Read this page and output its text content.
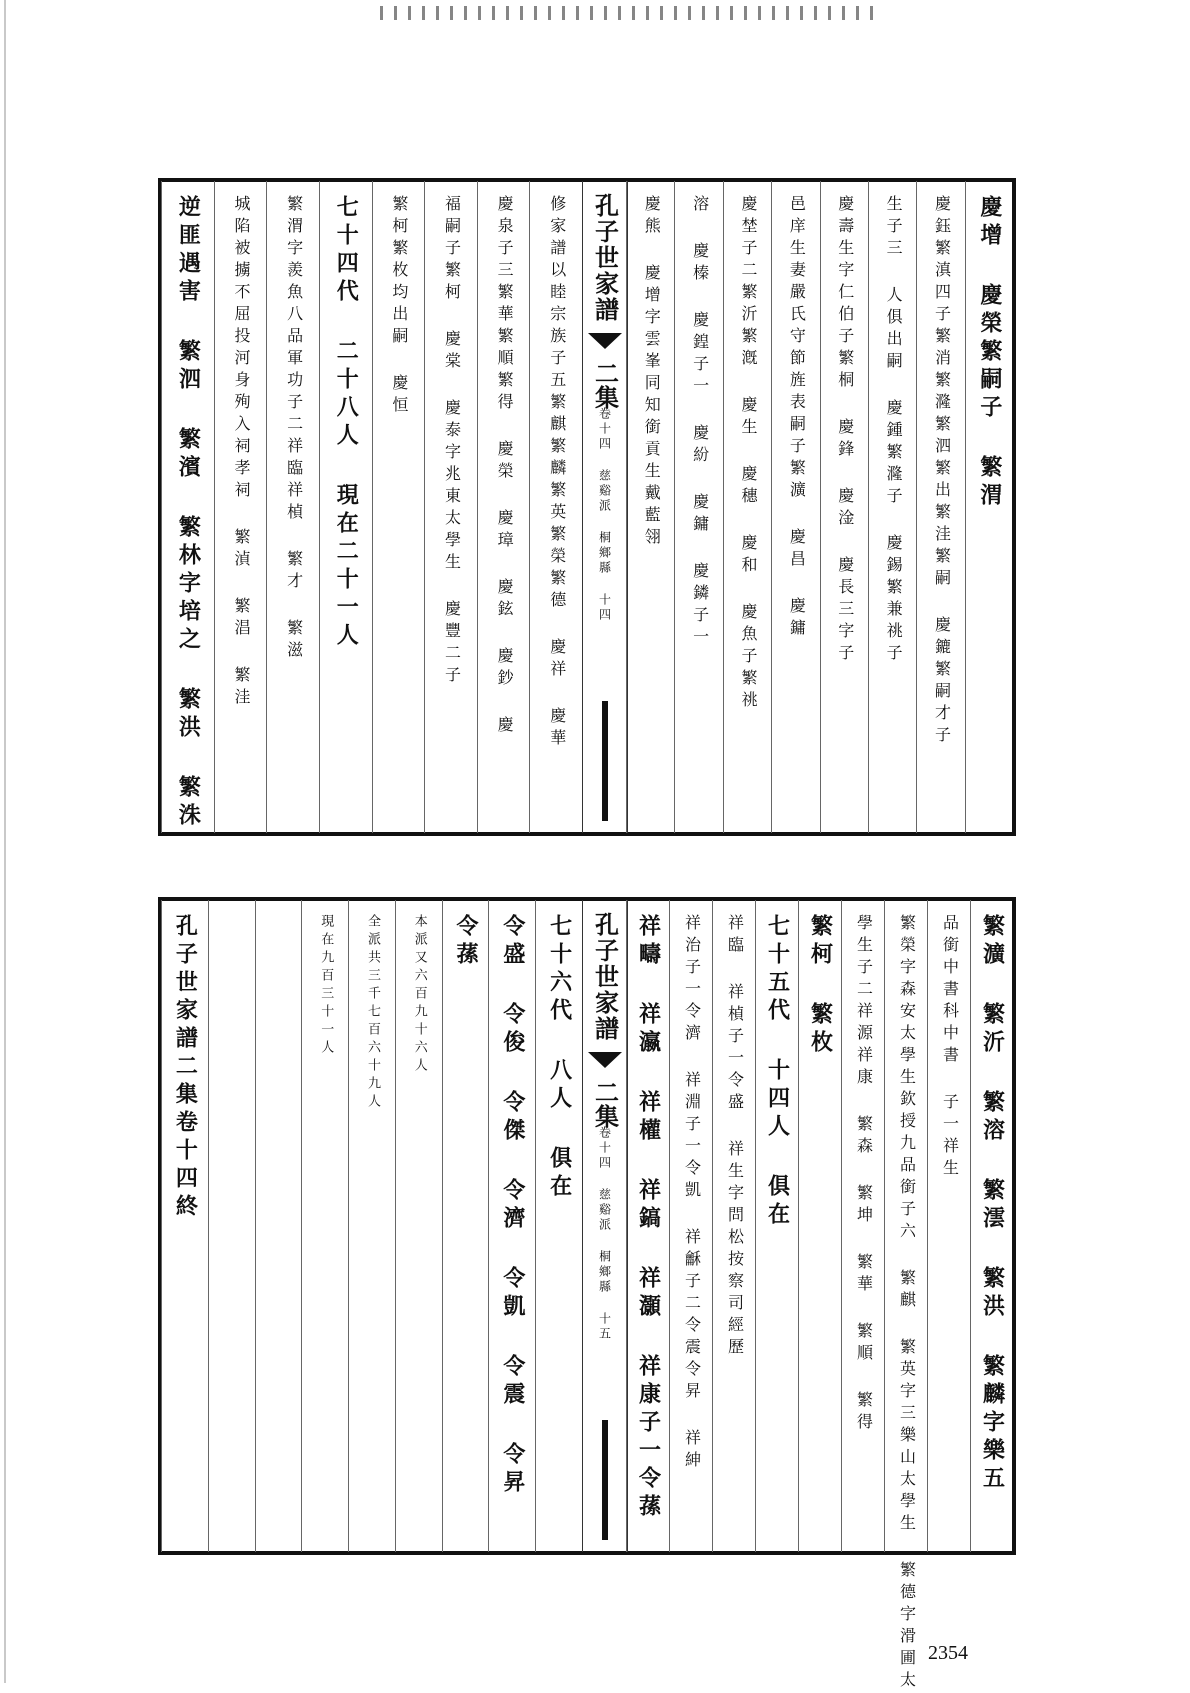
孔子世家譜
二集
卷十四 慈谿派 桐鄉縣 十四
慶增 慶榮繁嗣子 繁渭
慶鈺繁滇四子繁消繁漋繁泗繁出繁洼繁嗣 慶鏕繁嗣才子
生子三 人俱出嗣 慶鍾繁漋子 慶錫繁兼祧子
慶壽生字仁伯子繁桐 慶鋒 慶淦 慶長三字子
邑庠生妻嚴氏守節旌表嗣子繁瀇 慶昌 慶鏞
慶埜子二繁沂繁漑 慶生 慶穗 慶和 慶魚子繁祧
溶 慶榛 慶鍠子一 慶紛 慶鏞 慶鏻子一
慶熊 慶增字雲峯同知銜貢生戴藍翎
修家譜以睦宗族子五繁麒繁麟繁英繁榮繁德 慶祥 慶華
慶泉子三繁華繁順繁得 慶榮 慶璋 慶鉉 慶鈔 慶
福嗣子繁柯 慶棠 慶泰字兆東太學生 慶豐二子
繁柯繁枚均出嗣 慶恒
七十四代 二十八人 現在二十一人
繁渭字羨魚八品軍功子二祥臨祥楨 繁才 繁滋
城陷被擄不屈投河身殉入祠孝祠 繁湞 繁淐 繁洼
逆匪遇害 繁泗 繁濱 繁林字培之 繁洪 繁洙
孔子世家譜
二集
卷十四 慈谿派 桐鄉縣 十五	繁瀇 繁沂 繁溶 繁澐 繁洪 繁麟字樂五
品銜中書科中書 子一祥生
繁榮字森安太學生欽授九品銜子六 繁麒 繁英字三樂山太學生 繁德字滑圃太
學生子二祥源祥康 繁森 繁坤 繁華 繁順 繁得
繁柯 繁枚
七十五代 十四人 俱在
祥臨 祥楨子一令盛 祥生字問松按察司經歷
祥治子一令濟 祥淵子一令凱 祥龢子二令震令昇 祥紳
祥疇 祥瀛 祥權 祥鎬 祥灝 祥康子一令蓀
七十六代 八人 俱在
令盛 令俊 令傑 令濟 令凱 令震 令昇
令蓀
本派又六百九十六人
全派共三千七百六十九人
現在九百三十一人
孔子世家譜二集卷十四終
2354
